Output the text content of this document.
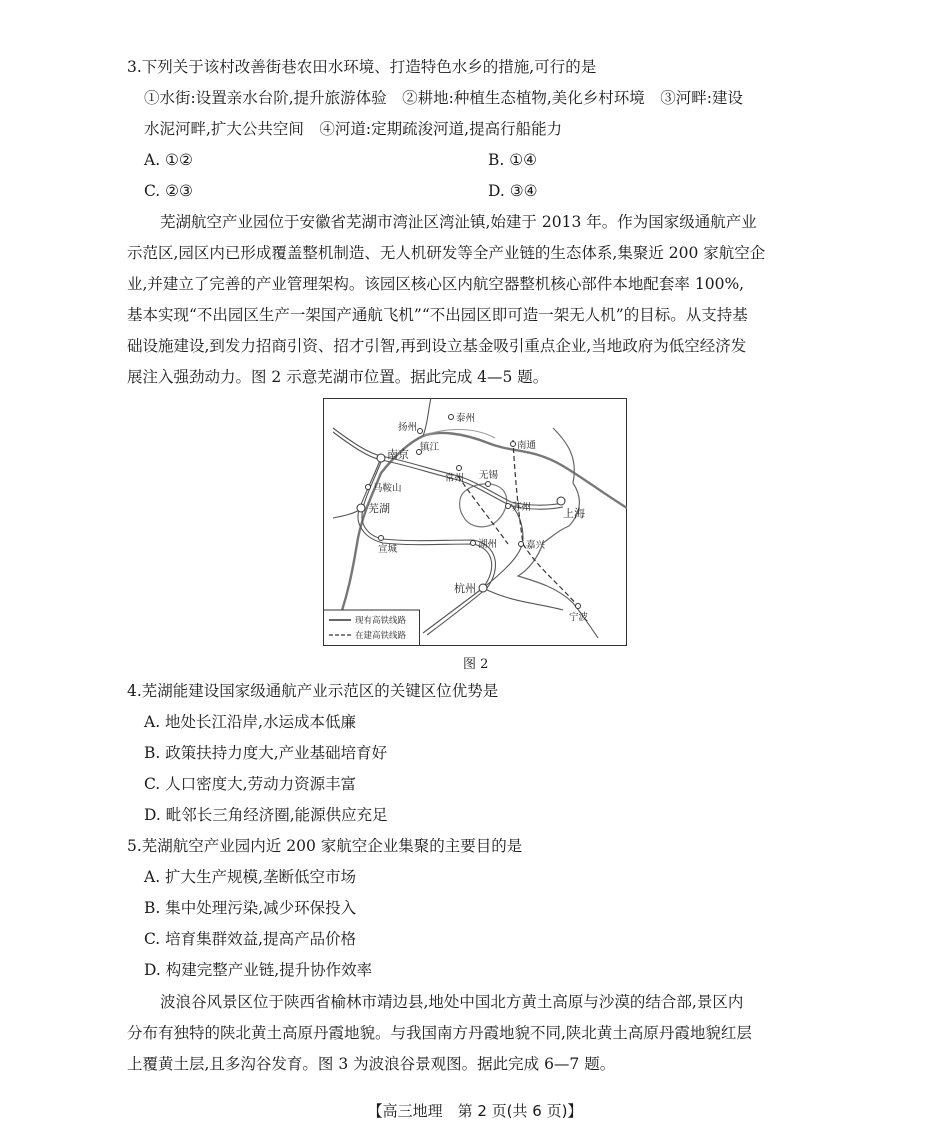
3.下列关于该村改善街巷农田水环境、打造特色水乡的措施,可行的是
①水街:设置亲水台阶,提升旅游体验　②耕地:种植生态植物,美化乡村环境　③河畔:建设
水泥河畔,扩大公共空间　④河道:定期疏浚河道,提高行船能力
A. ①②	B. ①④
C. ②③	D. ③④
芜湖航空产业园位于安徽省芜湖市湾沚区湾沚镇,始建于 2013 年。作为国家级通航产业
示范区,园区内已形成覆盖整机制造、无人机研发等全产业链的生态体系,集聚近 200 家航空企
业,并建立了完善的产业管理架构。该园区核心区内航空器整机核心部件本地配套率 100%,
基本实现“不出园区生产一架国产通航飞机”“不出园区即可造一架无人机”的目标。从支持基
础设施建设,到发力招商引资、招才引智,再到设立基金吸引重点企业,当地政府为低空经济发
展注入强劲动力。图 2 示意芜湖市位置。据此完成 4—5 题。
泰州
扬州
南通
南京
镇江
常州 无锡
马鞍山
芜湖	苏州	上海
宣城	湖州	嘉兴
杭州
宁波
现有高铁线路
在建高铁线路
图 2
4.芜湖能建设国家级通航产业示范区的关键区位优势是
A. 地处长江沿岸,水运成本低廉
B. 政策扶持力度大,产业基础培育好
C. 人口密度大,劳动力资源丰富
D. 毗邻长三角经济圈,能源供应充足
5.芜湖航空产业园内近 200 家航空企业集聚的主要目的是
A. 扩大生产规模,垄断低空市场
B. 集中处理污染,减少环保投入
C. 培育集群效益,提高产品价格
D. 构建完整产业链,提升协作效率
波浪谷风景区位于陕西省榆林市靖边县,地处中国北方黄土高原与沙漠的结合部,景区内
分布有独特的陕北黄土高原丹霞地貌。与我国南方丹霞地貌不同,陕北黄土高原丹霞地貌红层
上覆黄土层,且多沟谷发育。图 3 为波浪谷景观图。据此完成 6—7 题。
【高三地理　第 2 页(共 6 页)】
